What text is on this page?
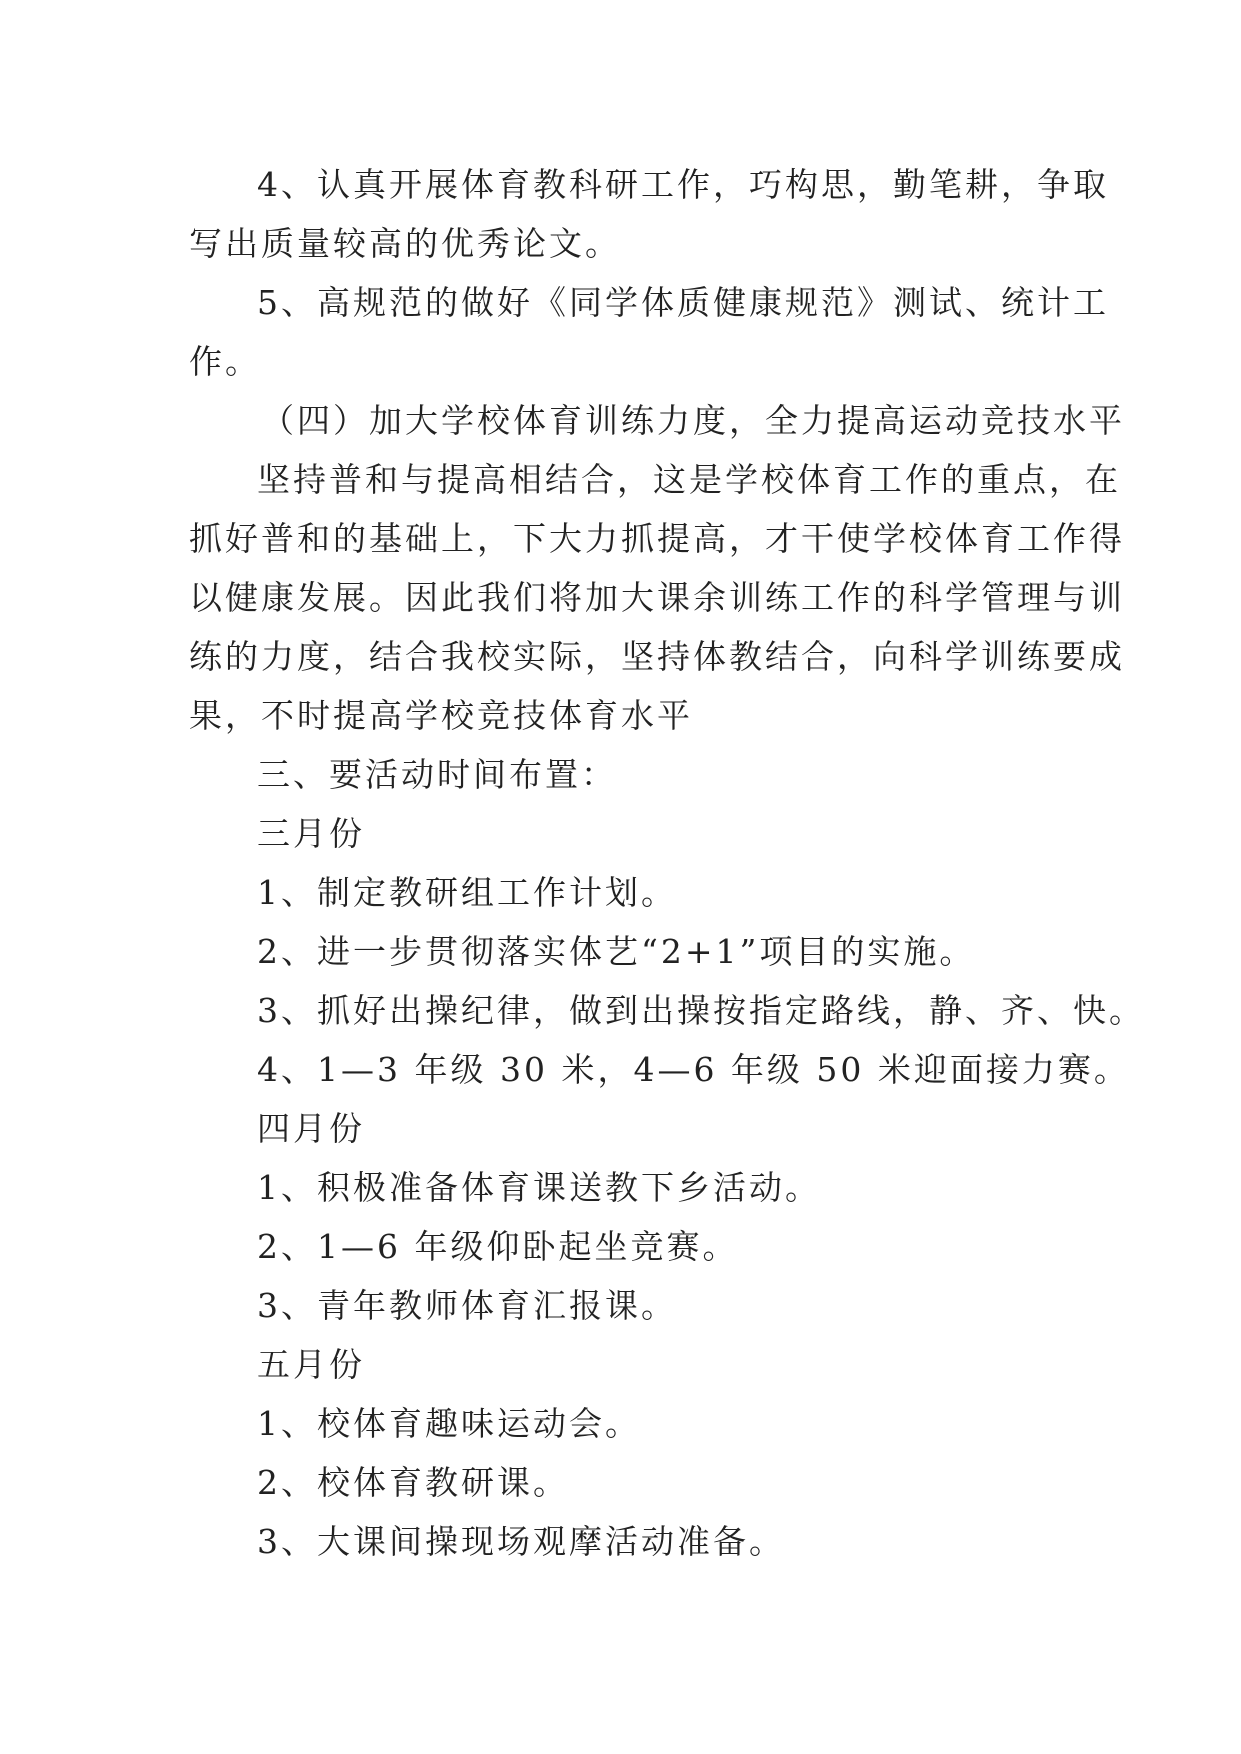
4、认真开展体育教科研工作，巧构思，勤笔耕，争取
写出质量较高的优秀论文。
5、高规范的做好《同学体质健康规范》测试、统计工
作。
（四）加大学校体育训练力度，全力提高运动竞技水平
坚持普和与提高相结合，这是学校体育工作的重点，在
抓好普和的基础上，下大力抓提高，才干使学校体育工作得
以健康发展。因此我们将加大课余训练工作的科学管理与训
练的力度，结合我校实际，坚持体教结合，向科学训练要成
果，不时提高学校竞技体育水平
三、要活动时间布置：
三月份
1、制定教研组工作计划。
2、进一步贯彻落实体艺“2+1”项目的实施。
3、抓好出操纪律，做到出操按指定路线，静、齐、快。
4、1—3 年级 30 米，4—6 年级 50 米迎面接力赛。
四月份
1、积极准备体育课送教下乡活动。
2、1—6 年级仰卧起坐竞赛。
3、青年教师体育汇报课。
五月份
1、校体育趣味运动会。
2、校体育教研课。
3、大课间操现场观摩活动准备。
